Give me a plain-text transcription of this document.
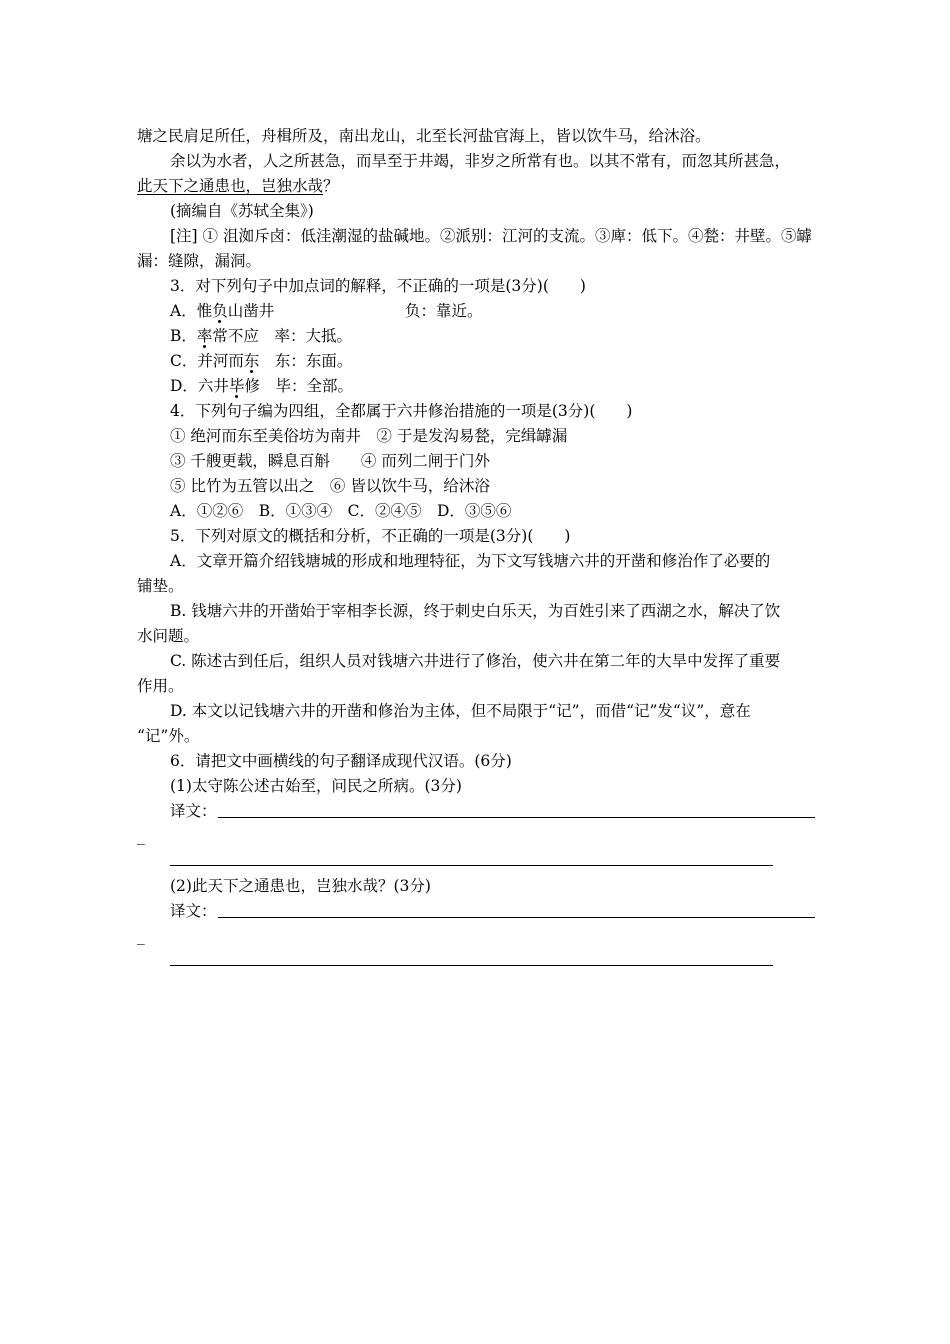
塘之民肩足所任，舟楫所及，南出龙山，北至长河盐官海上，皆以饮牛马，给沐浴。
余以为水者，人之所甚急，而旱至于井竭，非岁之所常有也。以其不常有，而忽其所甚急，
此天下之通患也，岂独水哉？
(摘编自《苏轼全集》)
[注] ① 沮洳斥卤：低洼潮湿的盐碱地。②派别：江河的支流。③庳：低下。④甃：井壁。⑤罅
漏：缝隙，漏洞。
3．对下列句子中加点词的解释，不正确的一项是(3分)(　　)
A．惟负山凿井	负：靠近。
B．率常不应　 率：大抵。
C．并河而东　 东：东面。
D．六井毕修　 毕：全部。
4．下列句子编为四组，全都属于六井修治措施的一项是(3分)(　　)
① 绝河而东至美俗坊为南井　② 于是发沟易甃，完缉罅漏
③ 千艘更载，瞬息百斛　　④ 而列二闸于门外
⑤ 比竹为五管以出之　⑥ 皆以饮牛马，给沐浴
A．①②⑥　B．①③④　C．②④⑤　D．③⑤⑥
5．下列对原文的概括和分析，不正确的一项是(3分)(　　)
A．文章开篇介绍钱塘城的形成和地理特征，为下文写钱塘六井的开凿和修治作了必要的
铺垫。
B. 钱塘六井的开凿始于宰相李长源，终于刺史白乐天，为百姓引来了西湖之水，解决了饮
水问题。
C. 陈述古到任后，组织人员对钱塘六井进行了修治，使六井在第二年的大旱中发挥了重要
作用。
D. 本文以记钱塘六井的开凿和修治为主体，但不局限于“记”，而借“记”发“议”，意在
“记”外。
6．请把文中画横线的句子翻译成现代汉语。(6分)
(1)太守陈公述古始至，问民之所病。(3分)
译文：
_
(2)此天下之通患也，岂独水哉？(3分)
译文：
_
